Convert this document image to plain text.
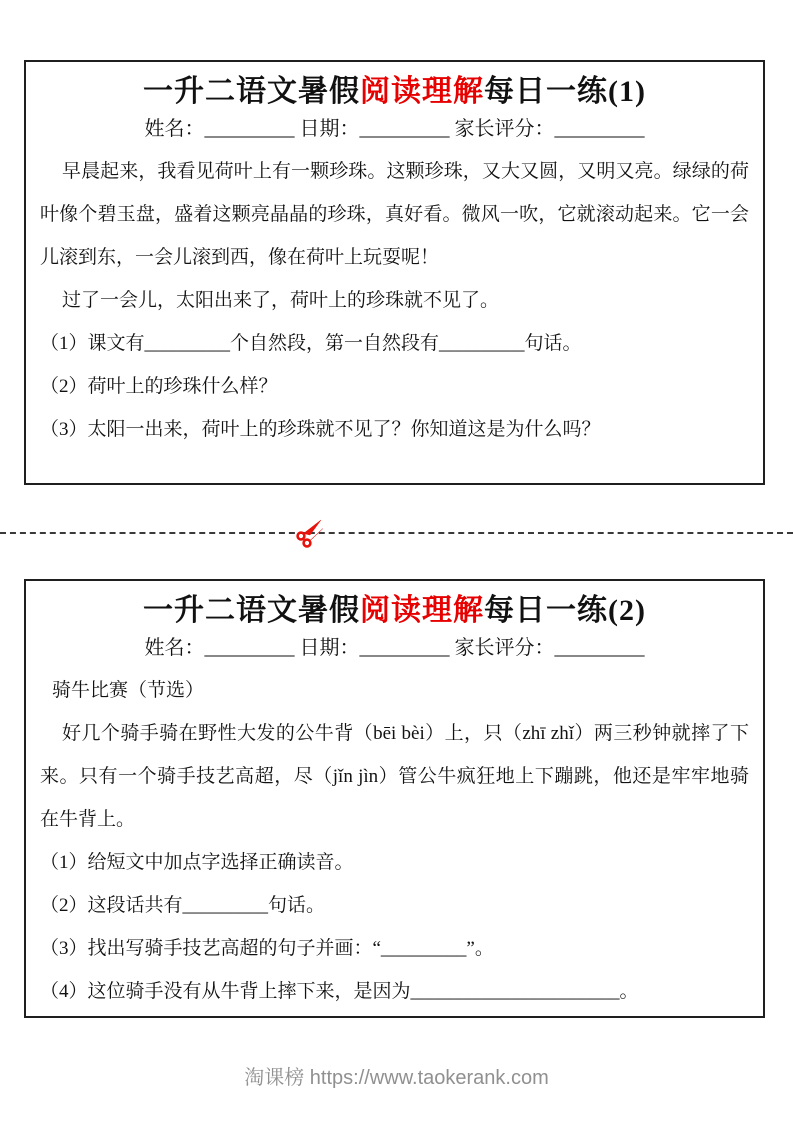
一升二语文暑假阅读理解每日一练(1)
姓名：_________ 日期：_________ 家长评分：_________

早晨起来，我看见荷叶上有一颗珍珠。这颗珍珠，又大又圆，又明又亮。绿绿的荷叶像个碧玉盘，盛着这颗亮晶晶的珍珠，真好看。微风一吹，它就滚动起来。它一会儿滚到东，一会儿滚到西，像在荷叶上玩耍呢！

过了一会儿，太阳出来了，荷叶上的珍珠就不见了。

（1）课文有_________个自然段，第一自然段有_________句话。

（2）荷叶上的珍珠什么样？

（3）太阳一出来，荷叶上的珍珠就不见了？你知道这是为什么吗？

一升二语文暑假阅读理解每日一练(2)
姓名：_________ 日期：_________ 家长评分：_________

骑牛比赛（节选）

好几个骑手骑在野性大发的公牛背（bēi bèi）上，只（zhī zhǐ）两三秒钟就摔了下来。只有一个骑手技艺高超，尽（jǐn jìn）管公牛疯狂地上下蹦跳，他还是牢牢地骑在牛背上。

（1）给短文中加点字选择正确读音。

（2）这段话共有_________句话。

（3）找出写骑手技艺高超的句子并画：“_________”。

（4）这位骑手没有从牛背上摔下来，是因为______________________。

淘课榜 https://www.taokerank.com
